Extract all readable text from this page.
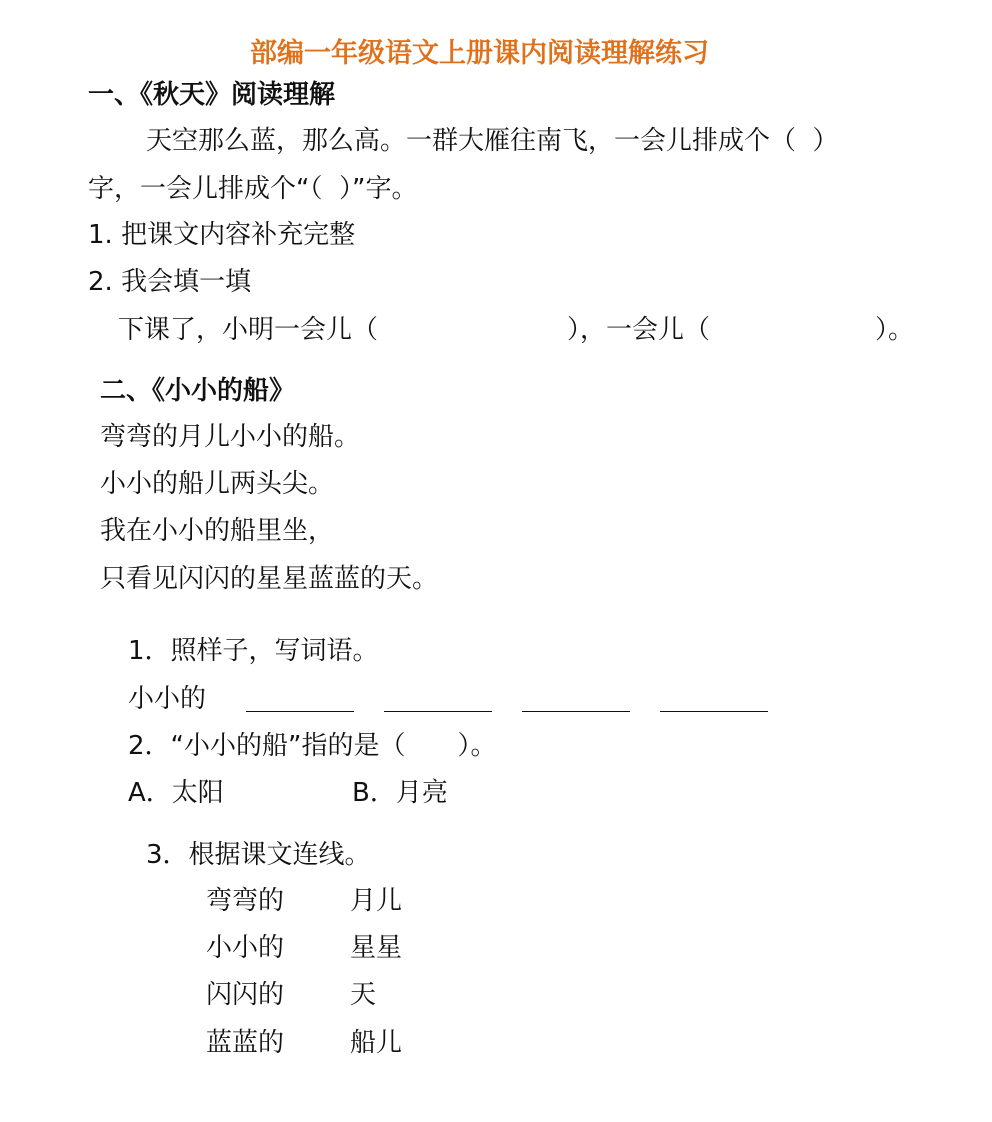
部编一年级语文上册课内阅读理解练习
一、《秋天》阅读理解
天空那么蓝，那么高。一群大雁往南飞，一会儿排成个（  ）
字，一会儿排成个“（  ）”字。
1. 把课文内容补充完整
2. 我会填一填
下课了，小明一会儿（	），一会儿（	）。
二、《小小的船》
弯弯的月儿小小的船。
小小的船儿两头尖。
我在小小的船里坐，
只看见闪闪的星星蓝蓝的天。
1．照样子，写词语。
小小的
2．“小小的船”指的是（　　）。
A．太阳	B．月亮
3．根据课文连线。
弯弯的	月儿
小小的	星星
闪闪的	天
蓝蓝的	船儿
